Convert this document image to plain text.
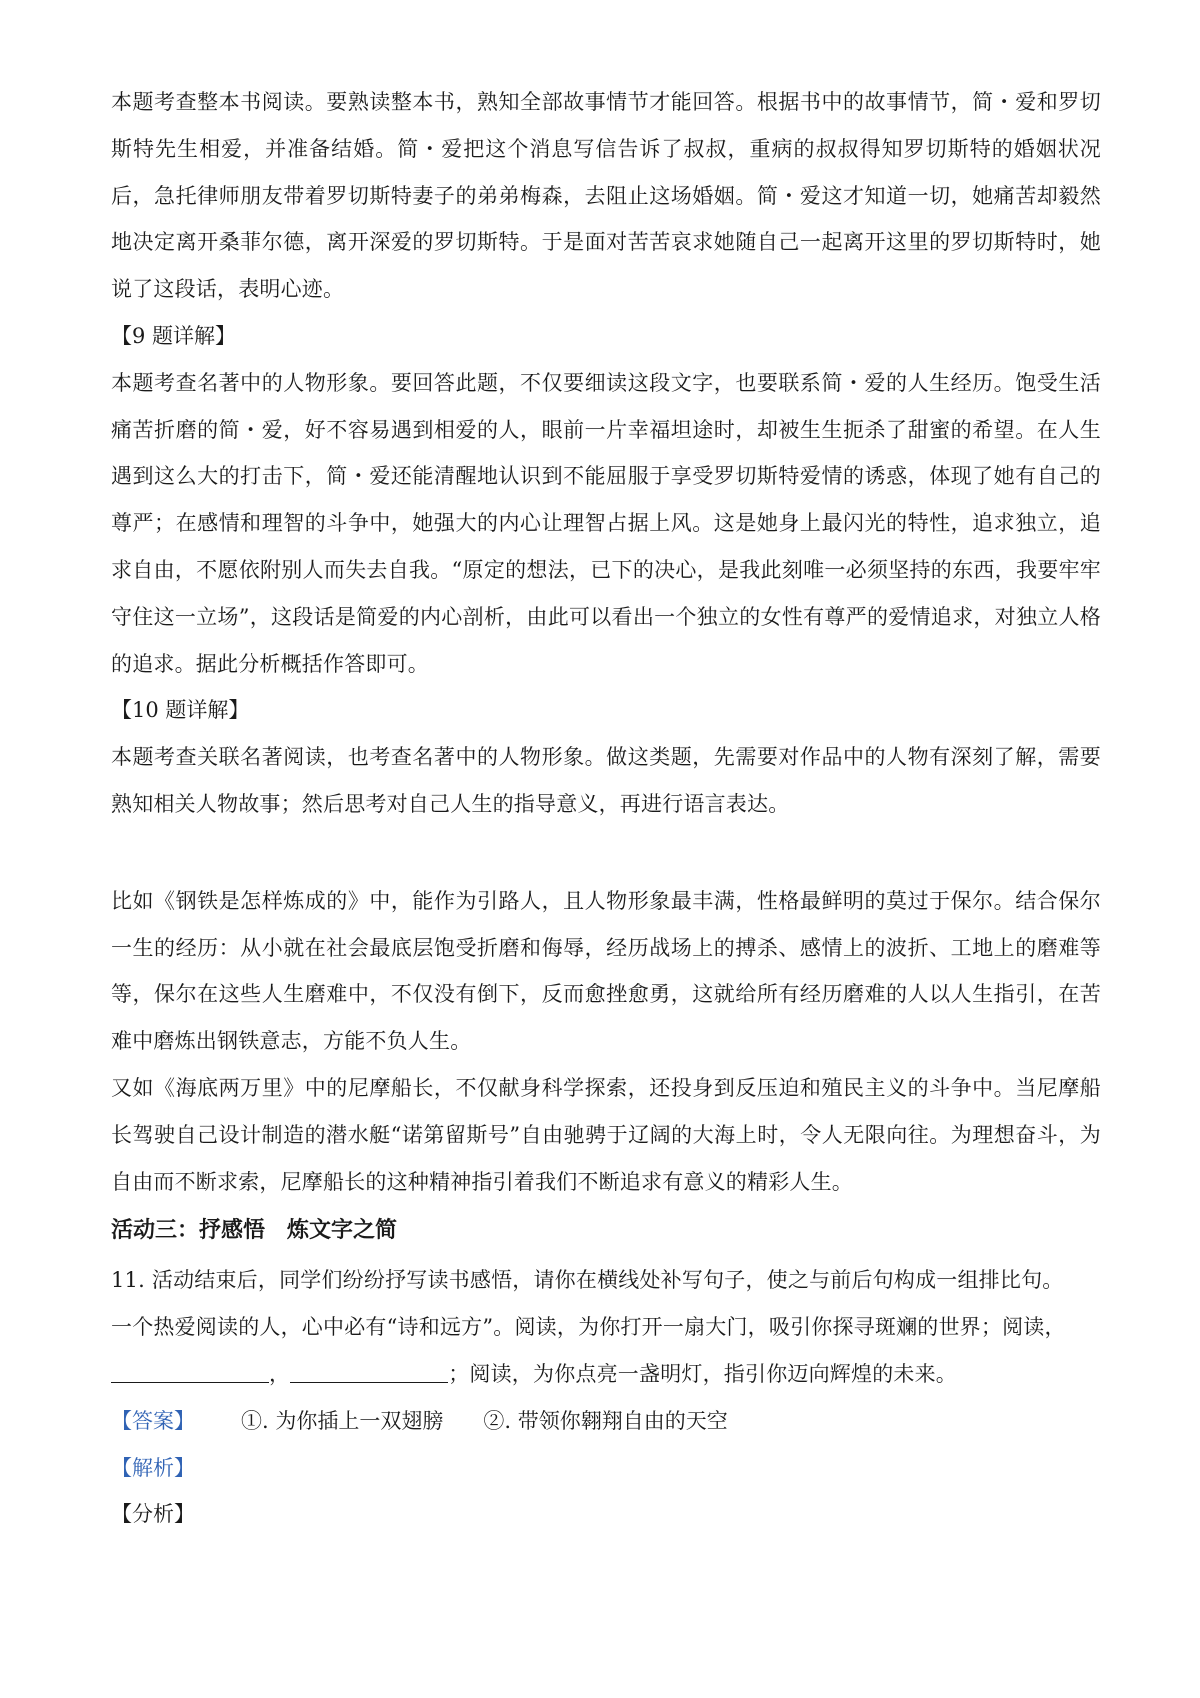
本题考查整本书阅读。要熟读整本书，熟知全部故事情节才能回答。根据书中的故事情节，简・爱和罗切斯特先生相爱，并准备结婚。简・爱把这个消息写信告诉了叔叔，重病的叔叔得知罗切斯特的婚姻状况后，急托律师朋友带着罗切斯特妻子的弟弟梅森，去阻止这场婚姻。简・爱这才知道一切，她痛苦却毅然地决定离开桑菲尔德，离开深爱的罗切斯特。于是面对苦苦哀求她随自己一起离开这里的罗切斯特时，她说了这段话，表明心迹。

【9 题详解】

本题考查名著中的人物形象。要回答此题，不仅要细读这段文字，也要联系简・爱的人生经历。饱受生活痛苦折磨的简・爱，好不容易遇到相爱的人，眼前一片幸福坦途时，却被生生扼杀了甜蜜的希望。在人生遇到这么大的打击下，简・爱还能清醒地认识到不能屈服于享受罗切斯特爱情的诱惑，体现了她有自己的尊严；在感情和理智的斗争中，她强大的内心让理智占据上风。这是她身上最闪光的特性，追求独立，追求自由，不愿依附别人而失去自我。“原定的想法，已下的决心，是我此刻唯一必须坚持的东西，我要牢牢守住这一立场”，这段话是简爱的内心剖析，由此可以看出一个独立的女性有尊严的爱情追求，对独立人格的追求。据此分析概括作答即可。

【10 题详解】

本题考查关联名著阅读，也考查名著中的人物形象。做这类题，先需要对作品中的人物有深刻了解，需要熟知相关人物故事；然后思考对自己人生的指导意义，再进行语言表达。

比如《钢铁是怎样炼成的》中，能作为引路人，且人物形象最丰满，性格最鲜明的莫过于保尔。结合保尔一生的经历：从小就在社会最底层饱受折磨和侮辱，经历战场上的搏杀、感情上的波折、工地上的磨难等等，保尔在这些人生磨难中，不仅没有倒下，反而愈挫愈勇，这就给所有经历磨难的人以人生指引，在苦难中磨炼出钢铁意志，方能不负人生。

又如《海底两万里》中的尼摩船长，不仅献身科学探索，还投身到反压迫和殖民主义的斗争中。当尼摩船长驾驶自己设计制造的潜水艇“诺第留斯号”自由驰骋于辽阔的大海上时，令人无限向往。为理想奋斗，为自由而不断求索，尼摩船长的这种精神指引着我们不断追求有意义的精彩人生。

活动三：抒感悟　炼文字之简

11. 活动结束后，同学们纷纷抒写读书感悟，请你在横线处补写句子，使之与前后句构成一组排比句。

一个热爱阅读的人，心中必有“诗和远方”。阅读，为你打开一扇大门，吸引你探寻斑斓的世界；阅读，
，	；阅读，为你点亮一盏明灯，指引你迈向辉煌的未来。

【答案】 ①. 为你插上一双翅膀 ②. 带领你翱翔自由的天空

【解析】

【分析】
